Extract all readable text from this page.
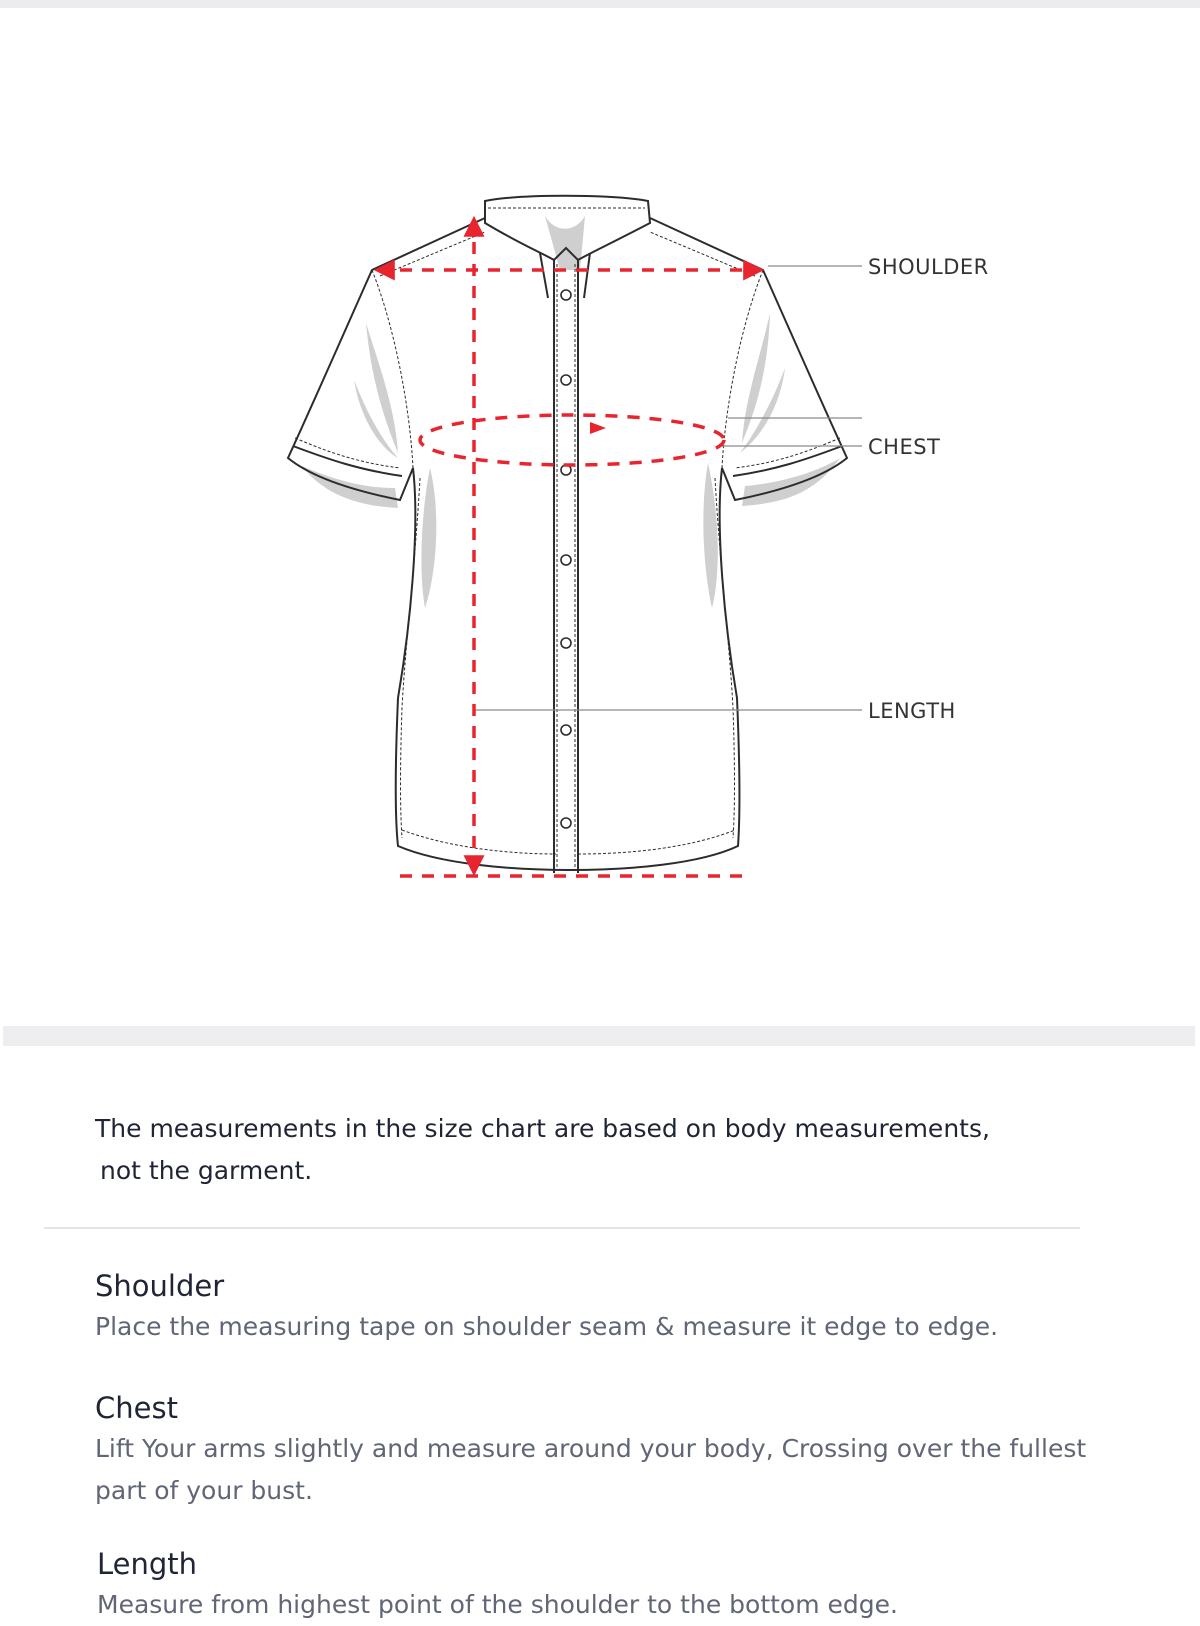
SHOULDER
CHEST
LENGTH

The measurements in the size chart are based on body measurements,
not the garment.

Shoulder

Place the measuring tape on shoulder seam & measure it edge to edge.

Chest

Lift Your arms slightly and measure around your body, Crossing over the fullest part of your bust.

Length

Measure from highest point of the shoulder to the bottom edge.
